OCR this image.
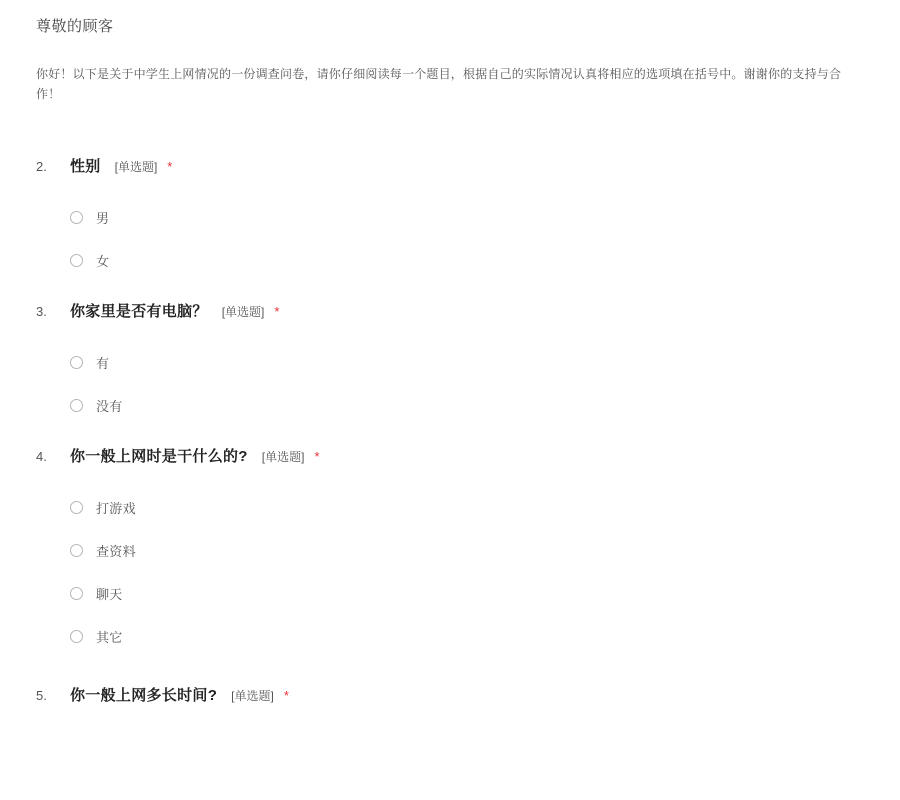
尊敬的顾客

你好！以下是关于中学生上网情况的一份调查问卷，请你仔细阅读每一个题目，根据自己的实际情况认真将相应的选项填在括号中。谢谢你的支持与合作！

2.	性别 [单选题] *
男
女
3.	你家里是否有电脑？ [单选题] *
有
没有
4.	你一般上网时是干什么的? [单选题] *
打游戏
查资料
聊天
其它
5.	你一般上网多长时间? [单选题] *
